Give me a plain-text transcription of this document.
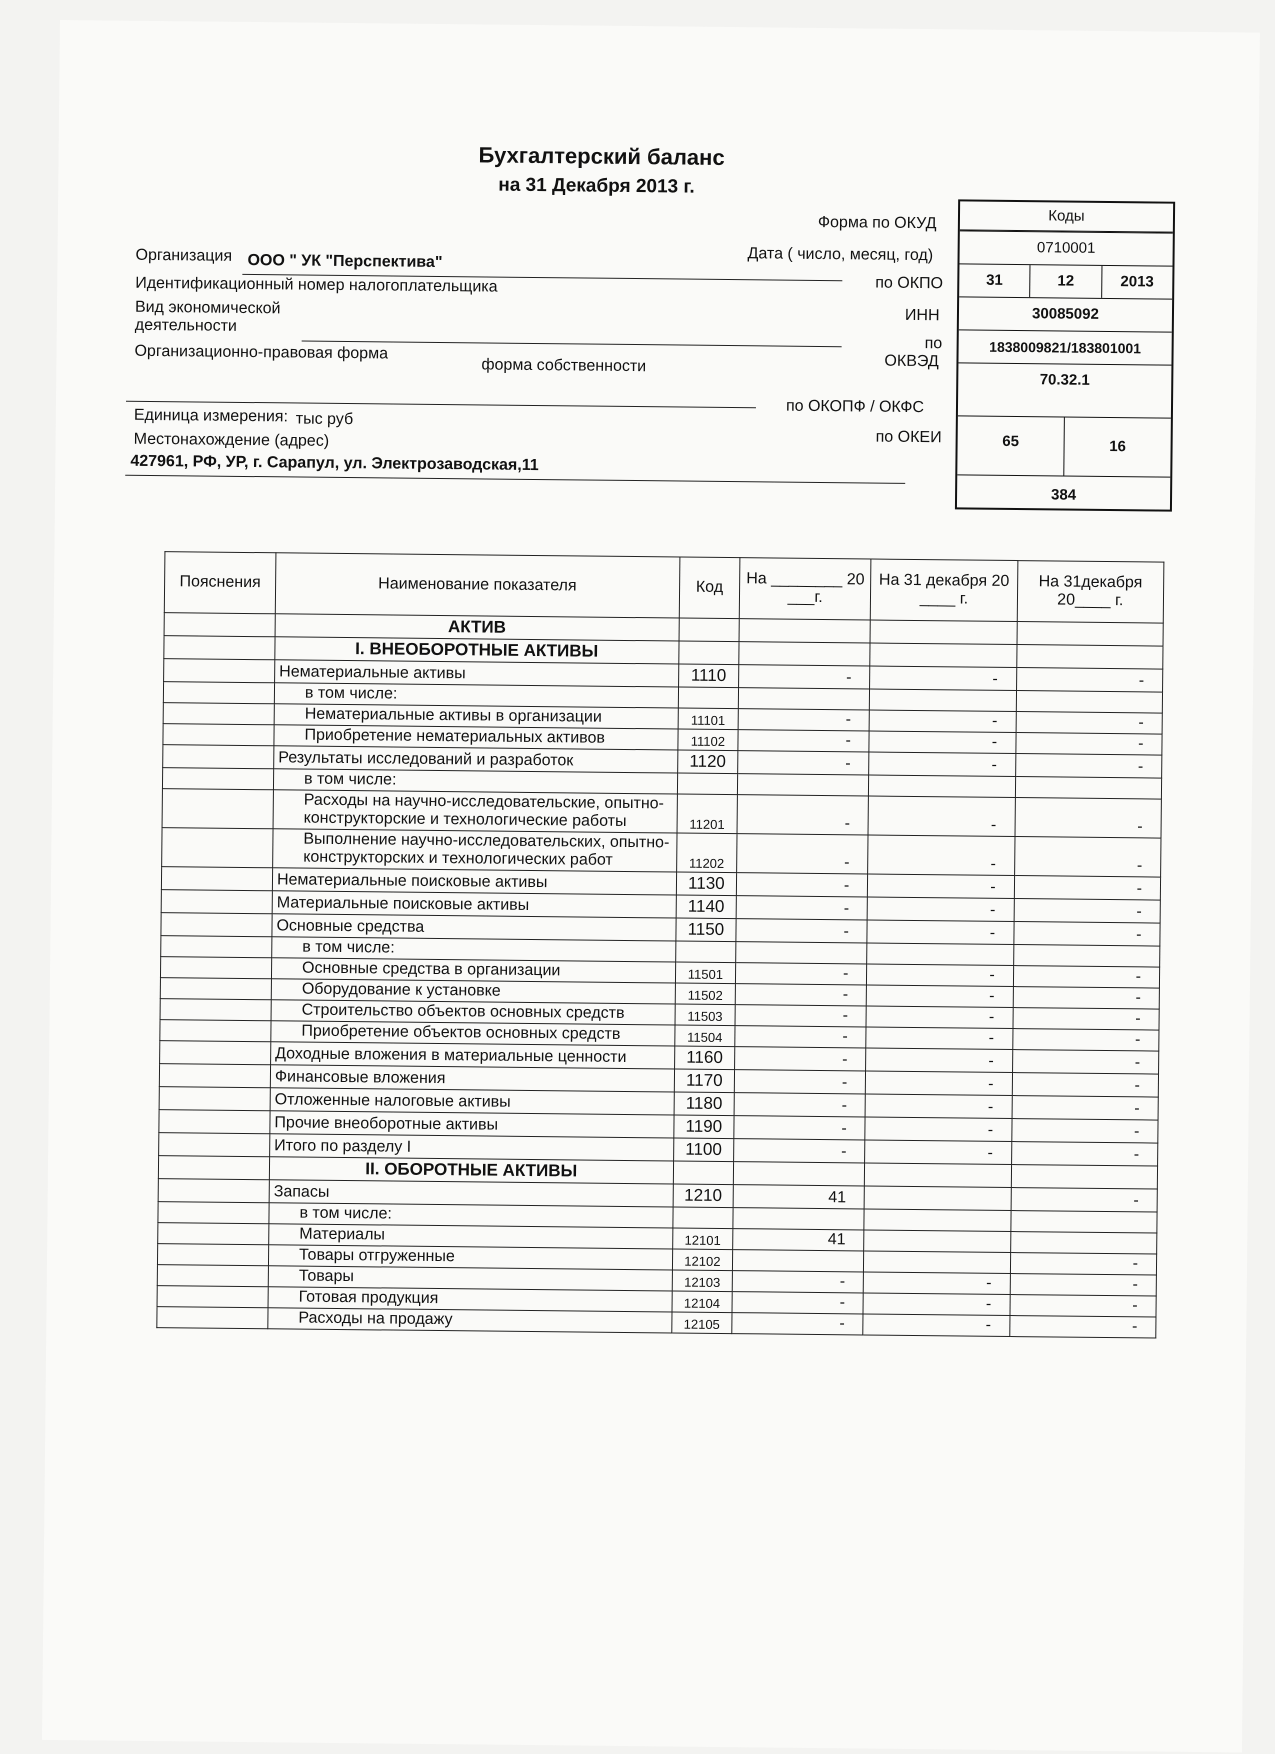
Бухгалтерский баланс
на 31 Декабря 2013 г.
Форма по ОКУД
Дата ( число, месяц, год)
Организация ООО " УК "Перспектива"
по ОКПО
Идентификационный номер налогоплательщика
ИНН
Вид экономической
деятельности
по
ОКВЭД
Организационно-правовая форма
форма собственности
по ОКОПФ / ОКФС
Единица измерения: тыс руб
по ОКЕИ
Местонахождение (адрес)
427961, РФ, УР, г. Сарапул, ул. Электрозаводская,11
Коды
0710001
31	12	2013
30085092
1838009821/183801001
70.32.1
65	16
384
Пояснения	Наименование показателя	Код	На ________ 20 ___г.	На 31 декабря 20 ____ г.	На 31декабря 20____ г.
	АКТИВ				
	I. ВНЕОБОРОТНЫЕ АКТИВЫ				
	Нематериальные активы	1110	-	-	-
	в том числе:				
	Нематериальные активы в организации	11101	-	-	-
	Приобретение нематериальных активов	11102	-	-	-
	Результаты исследований и разработок	1120	-	-	-
	в том числе:				
	Расходы на научно-исследовательские, опытно-конструкторские и технологические работы	11201	-	-	-
	Выполнение научно-исследовательских, опытно-конструкторских и технологических работ	11202	-	-	-
	Нематериальные поисковые активы	1130	-	-	-
	Материальные поисковые активы	1140	-	-	-
	Основные средства	1150	-	-	-
	в том числе:				
	Основные средства в организации	11501	-	-	-
	Оборудование к установке	11502	-	-	-
	Строительство объектов основных средств	11503	-	-	-
	Приобретение объектов основных средств	11504	-	-	-
	Доходные вложения в материальные ценности	1160	-	-	-
	Финансовые вложения	1170	-	-	-
	Отложенные налоговые активы	1180	-	-	-
	Прочие внеоборотные активы	1190	-	-	-
	Итого по разделу I	1100	-	-	-
	II. ОБОРОТНЫЕ АКТИВЫ				
	Запасы	1210	41		-
	в том числе:				
	Материалы	12101	41		
	Товары отгруженные	12102			-
	Товары	12103	-	-	-
	Готовая продукция	12104	-	-	-
	Расходы на продажу	12105	-	-	-
